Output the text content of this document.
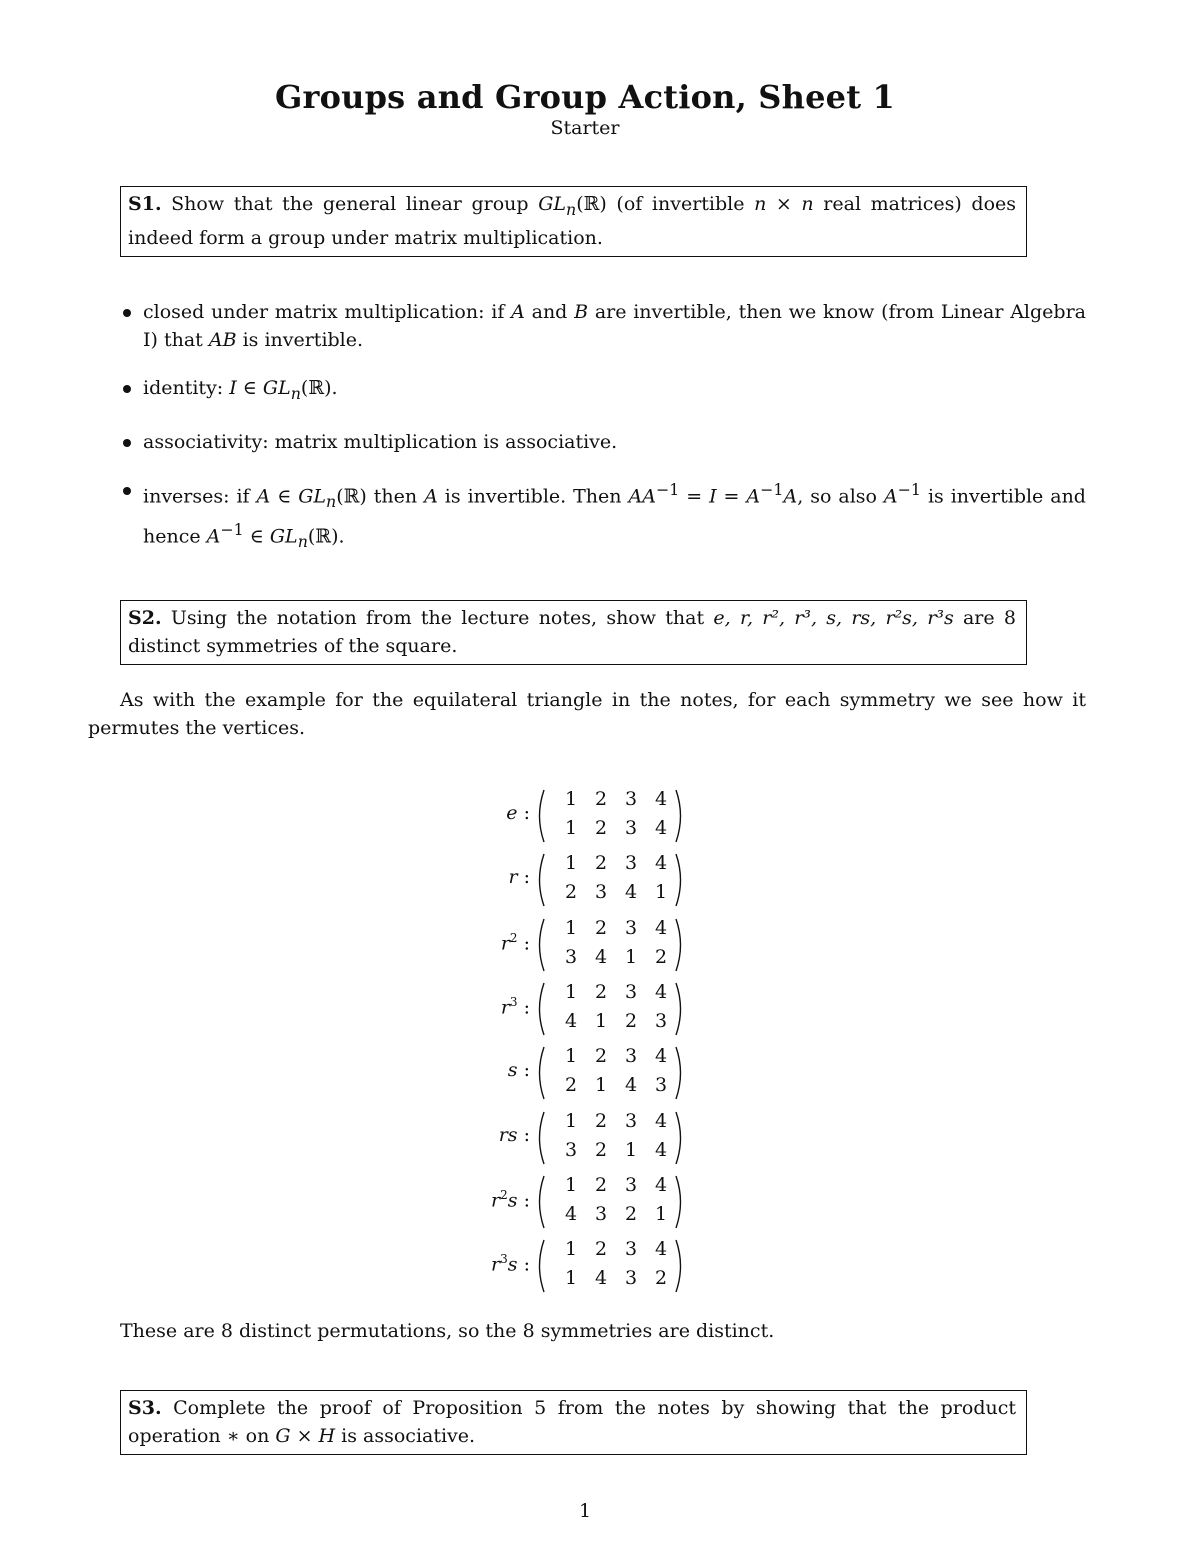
Groups and Group Action, Sheet 1
Starter
S1. Show that the general linear group $GL_n(ℝ)$ (of invertible n × n real matrices) does indeed form a group under matrix multiplication.
closed under matrix multiplication: if A and B are invertible, then we know (from Linear Algebra I) that AB is invertible.
identity: I ∈ $GL_n(ℝ)$.
associativity: matrix multiplication is associative.
inverses: if A ∈ $GL_n(ℝ)$ then A is invertible. Then $AA^{-1} = I = A^{-1}A$, so also $A^{-1}$ is invertible and hence $A^{-1}$ ∈ $GL_n(ℝ)$.
S2. Using the notation from the lecture notes, show that e, r, r², r³, s, rs, r²s, r³s are 8 distinct symmetries of the square.
As with the example for the equilateral triangle in the notes, for each symmetry we see how it permutes the vertices.
e :
1 2 3 4
1 2 3 4
r :
1 2 3 4
2 3 4 1
$r^2$ :
1 2 3 4
3 4 1 2
$r^3$ :
1 2 3 4
4 1 2 3
s :
1 2 3 4
2 1 4 3
rs :
1 2 3 4
3 2 1 4
$r^2s$ :
1 2 3 4
4 3 2 1
$r^3s$ :
1 2 3 4
1 4 3 2
These are 8 distinct permutations, so the 8 symmetries are distinct.
S3. Complete the proof of Proposition 5 from the notes by showing that the product operation ∗ on G × H is associative.
1
